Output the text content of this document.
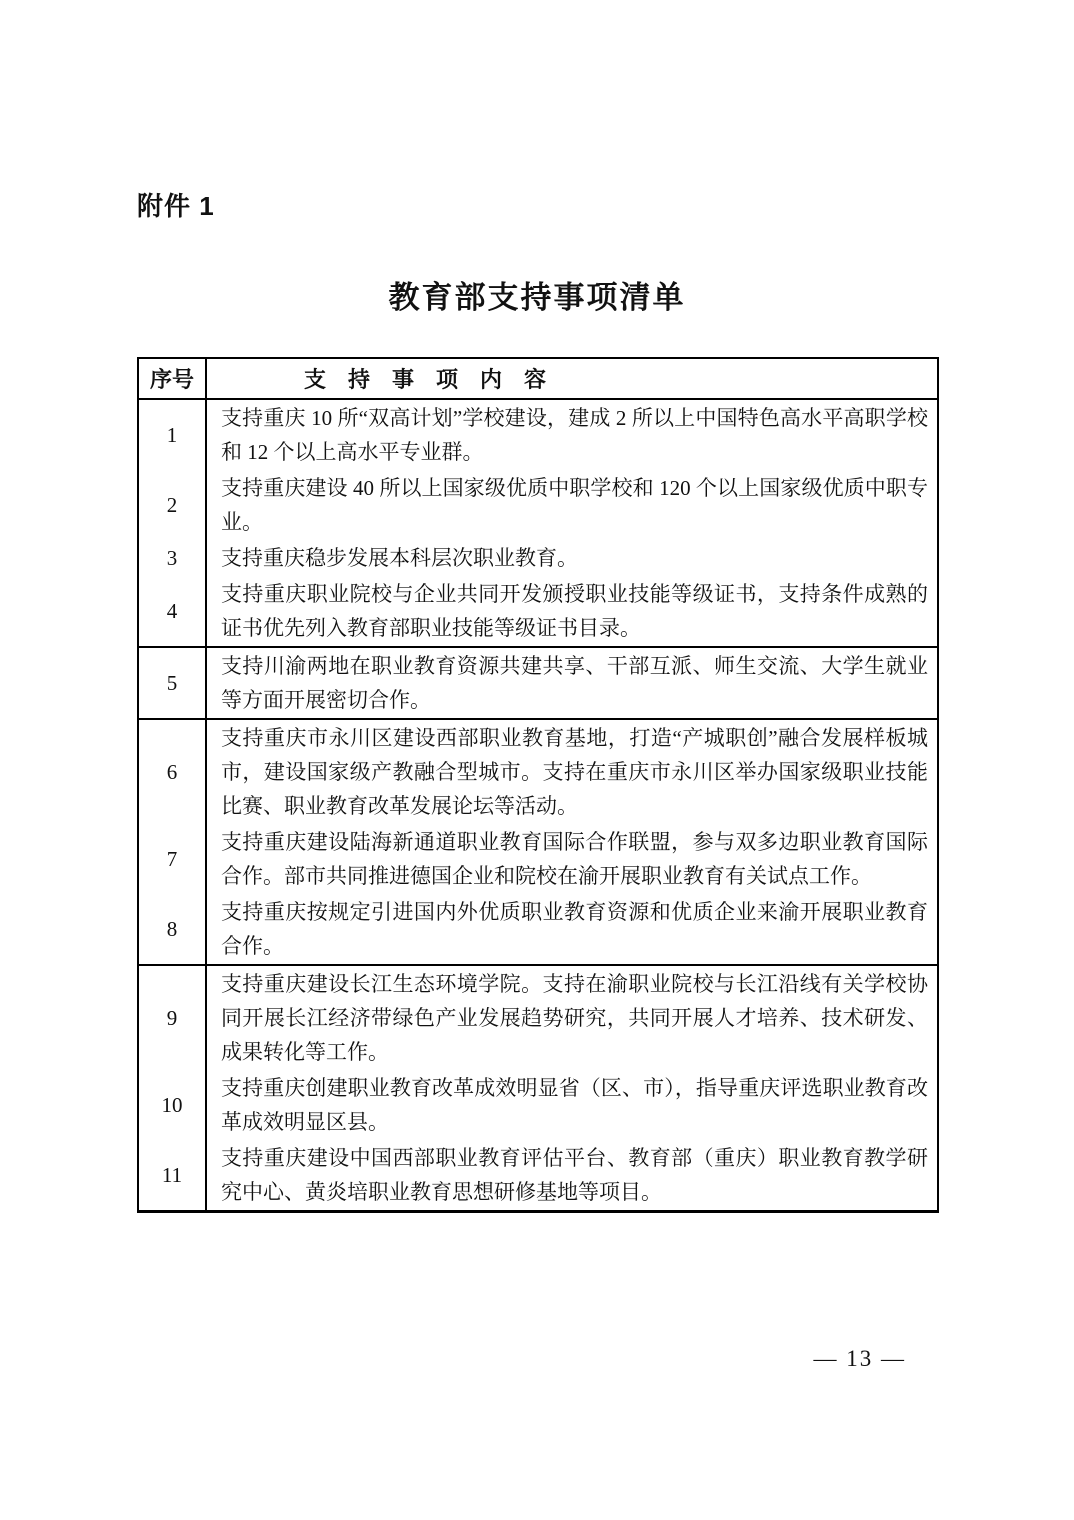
附件 1
教育部支持事项清单
序号	支　持　事　项　内　容
1	支持重庆 10 所“双高计划”学校建设，建成 2 所以上中国特色高水平高职学校和 12 个以上高水平专业群。
2	支持重庆建设 40 所以上国家级优质中职学校和 120 个以上国家级优质中职专业。
3	支持重庆稳步发展本科层次职业教育。
4	支持重庆职业院校与企业共同开发颁授职业技能等级证书，支持条件成熟的证书优先列入教育部职业技能等级证书目录。
5	支持川渝两地在职业教育资源共建共享、干部互派、师生交流、大学生就业等方面开展密切合作。
6	支持重庆市永川区建设西部职业教育基地，打造“产城职创”融合发展样板城市，建设国家级产教融合型城市。支持在重庆市永川区举办国家级职业技能比赛、职业教育改革发展论坛等活动。
7	支持重庆建设陆海新通道职业教育国际合作联盟，参与双多边职业教育国际合作。部市共同推进德国企业和院校在渝开展职业教育有关试点工作。
8	支持重庆按规定引进国内外优质职业教育资源和优质企业来渝开展职业教育合作。
9	支持重庆建设长江生态环境学院。支持在渝职业院校与长江沿线有关学校协同开展长江经济带绿色产业发展趋势研究，共同开展人才培养、技术研发、成果转化等工作。
10	支持重庆创建职业教育改革成效明显省（区、市），指导重庆评选职业教育改革成效明显区县。
11	支持重庆建设中国西部职业教育评估平台、教育部（重庆）职业教育教学研究中心、黄炎培职业教育思想研修基地等项目。
— 13 —
